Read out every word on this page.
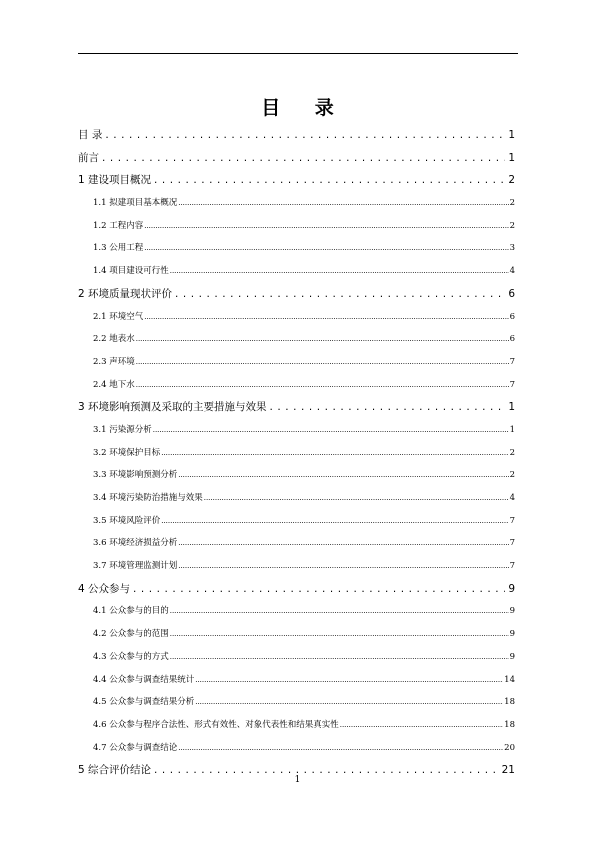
目 录
目 录 . . .	1
前言 . . .	1
1 建设项目概况 . . .	2
1.1 拟建项目基本概况 .....	2
1.2 工程内容 .....	2
1.3 公用工程 .....	3
1.4 项目建设可行性 .....	4
2 环境质量现状评价 . . .	6
2.1 环境空气 .....	6
2.2 地表水 .....	6
2.3 声环境 .....	7
2.4 地下水 .....	7
3 环境影响预测及采取的主要措施与效果 . . .	1
3.1 污染源分析 .....	1
3.2 环境保护目标 .....	2
3.3 环境影响预测分析 .....	2
3.4 环境污染防治措施与效果 .....	4
3.5 环境风险评价 .....	7
3.6 环境经济损益分析 .....	7
3.7 环境管理监测计划 .....	7
4 公众参与 . . .	9
4.1 公众参与的目的 .....	9
4.2 公众参与的范围 .....	9
4.3 公众参与的方式 .....	9
4.4 公众参与调查结果统计 .....	14
4.5 公众参与调查结果分析 .....	18
4.6 公众参与程序合法性、形式有效性、对象代表性和结果真实性 .....	18
4.7 公众参与调查结论 .....	20
5 综合评价结论 . . .	21
1
